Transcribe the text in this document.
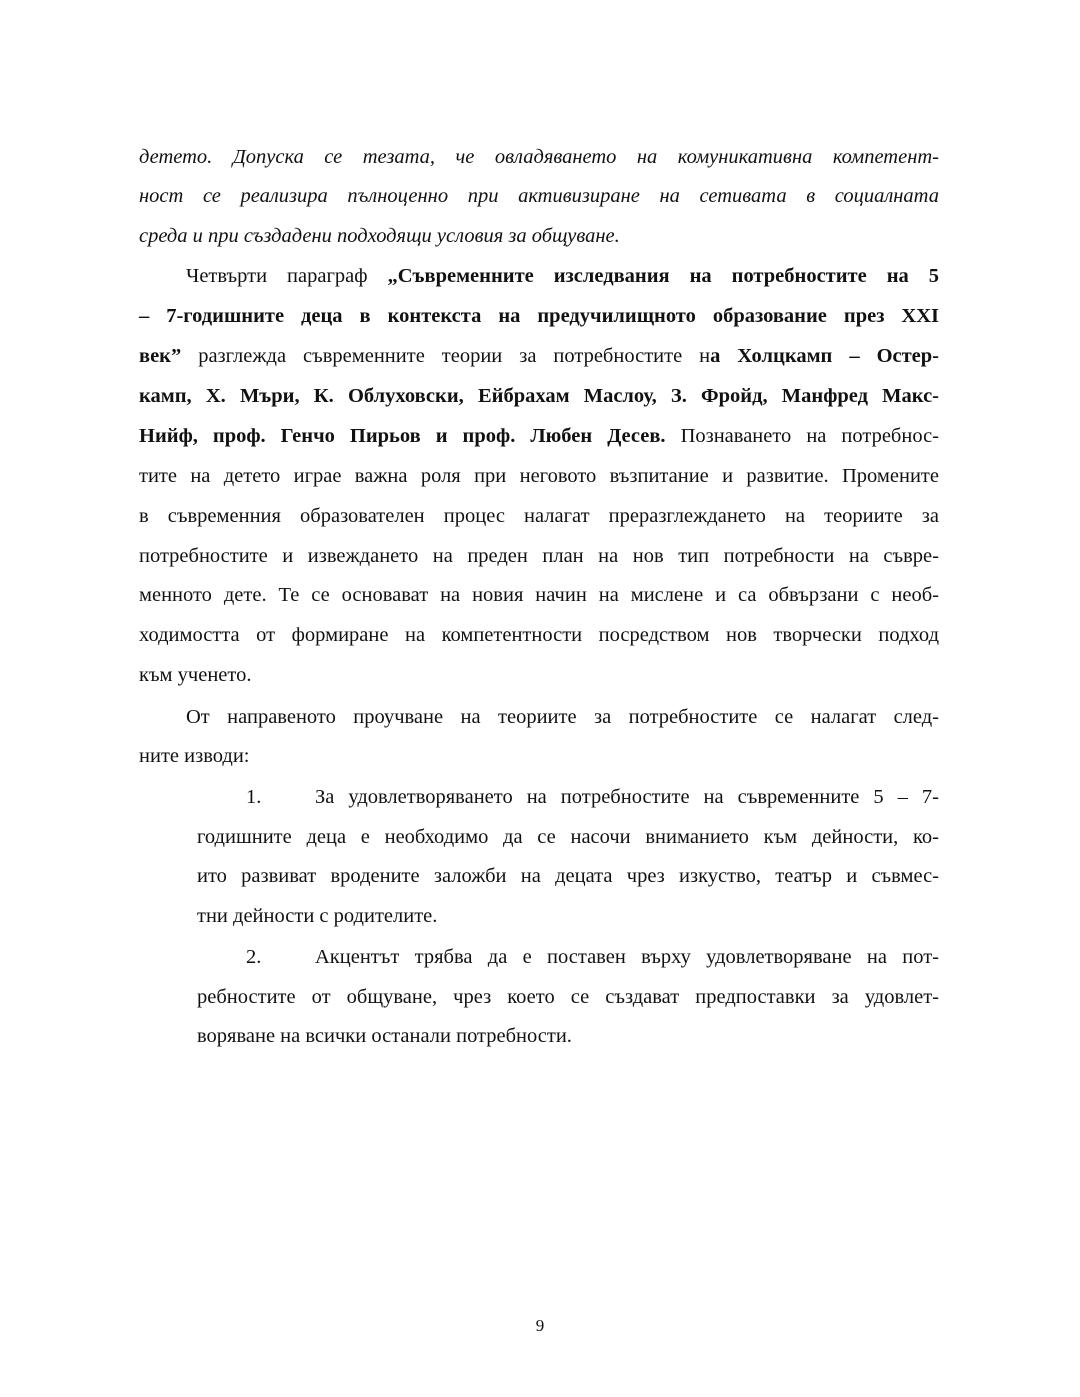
детето. Допуска се тезата, че овладяването на комуникативна компетент-
ност се реализира пълноценно при активизиране на сетивата в социалната
среда и при създадени подходящи условия за общуване.
Четвърти параграф „Съвременните изследвания на потребностите на 5
– 7-годишните деца в контекста на предучилищното образование през XXI
век” разглежда съвременните теории за потребностите на Холцкамп – Остер-
камп, Х. Мъри, К. Облуховски, Ейбрахам Маслоу, З. Фройд, Манфред Макс-
Нийф, проф. Генчо Пирьов и проф. Любен Десев. Познаването на потребнос-
тите на детето играе важна роля при неговото възпитание и развитие. Промените
в съвременния образователен процес налагат преразглеждането на теориите за
потребностите и извеждането на преден план на нов тип потребности на съвре-
менното дете. Те се основават на новия начин на мислене и са обвързани с необ-
ходимостта от формиране на компетентности посредством нов творчески подход
към ученето.
От направеното проучване на теориите за потребностите се налагат след-
ните изводи:
1.	За удовлетворяването на потребностите на съвременните 5 – 7-
годишните деца е необходимо да се насочи вниманието към дейности, ко-
ито развиват вродените заложби на децата чрез изкуство, театър и съвмес-
тни дейности с родителите.
2.	Акцентът трябва да е поставен върху удовлетворяване на пот-
ребностите от общуване, чрез което се създават предпоставки за удовлет-
воряване на всички останали потребности.
9
